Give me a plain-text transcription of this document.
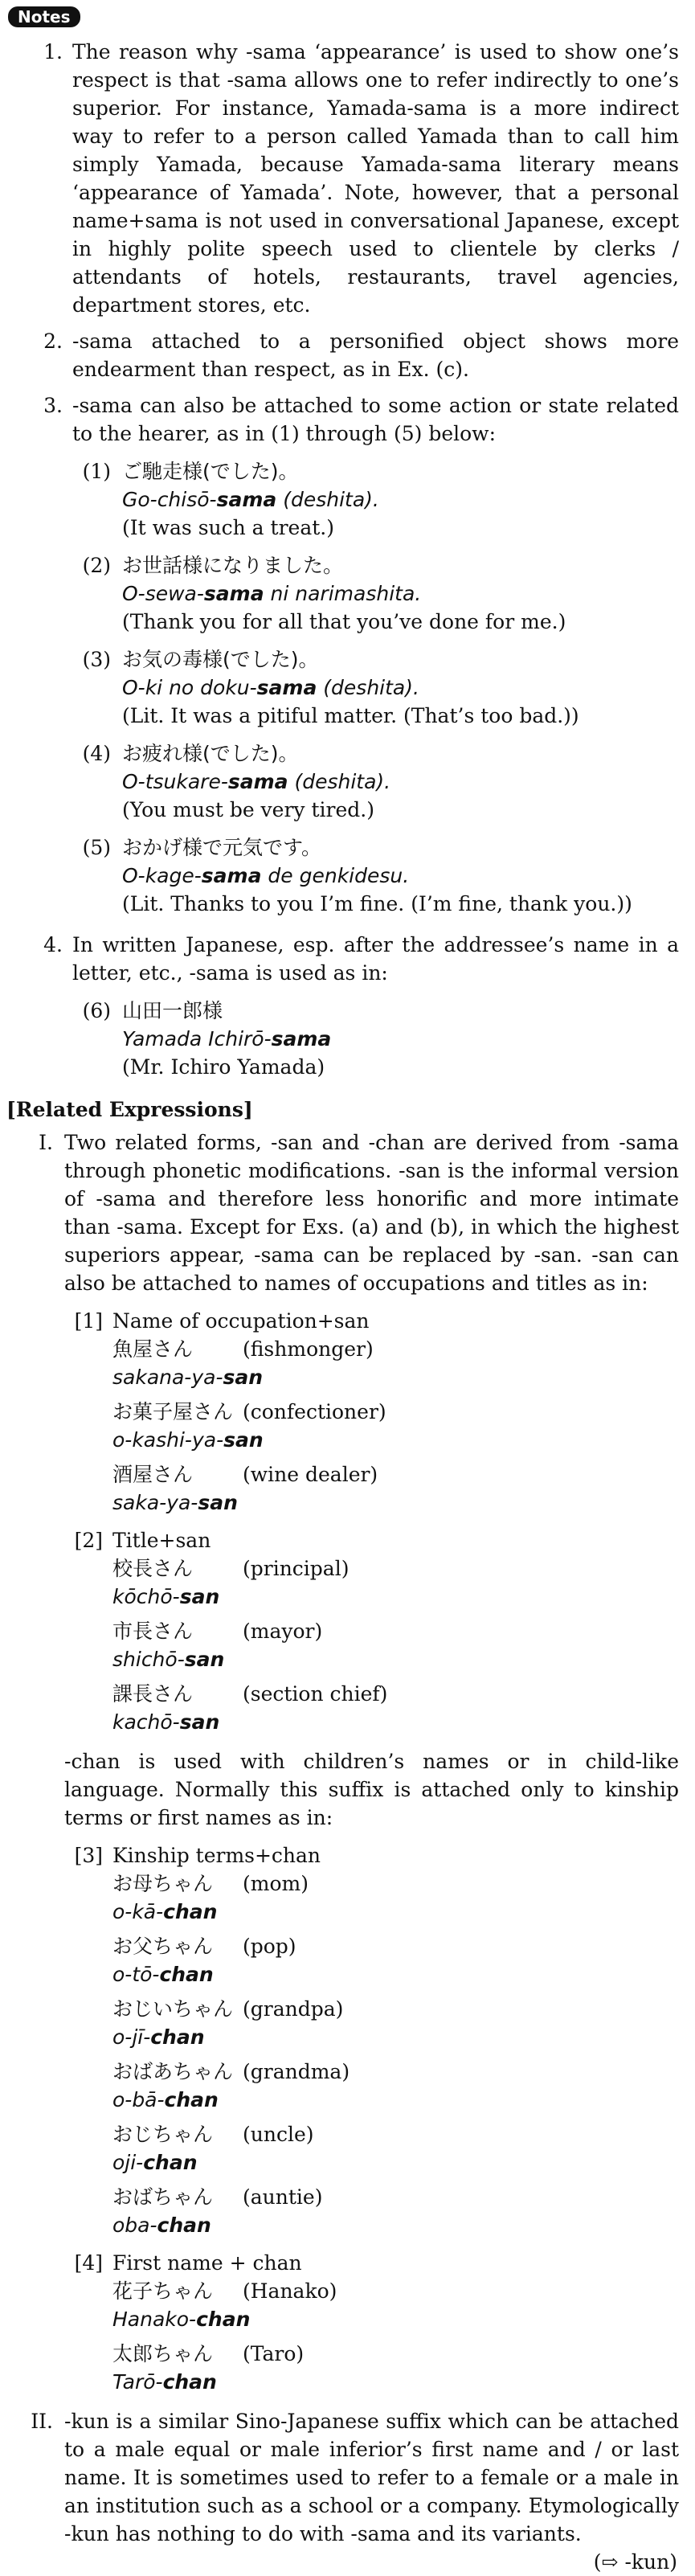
Notes
1. The reason why -sama ‘appearance’ is used to show one’s respect is that -sama allows one to refer indirectly to one’s superior. For instance, Yamada-sama is a more indirect way to refer to a person called Yamada than to call him simply Yamada, because Yamada-sama literary means ‘appearance of Yamada’. Note, however, that a personal name+sama is not used in conversational Japanese, except in highly polite speech used to clientele by clerks / attendants of hotels, restaurants, travel agencies, department stores, etc.
2. -sama attached to a personified object shows more endearment than respect, as in Ex. (c).
3. -sama can also be attached to some action or state related to the hearer, as in (1) through (5) below:
(1) ご馳走様(でした)。
Go-chisō-sama (deshita).
(It was such a treat.)
(2) お世話様になりました。
O-sewa-sama ni narimashita.
(Thank you for all that you’ve done for me.)
(3) お気の毒様(でした)。
O-ki no doku-sama (deshita).
(Lit. It was a pitiful matter. (That’s too bad.))
(4) お疲れ様(でした)。
O-tsukare-sama (deshita).
(You must be very tired.)
(5) おかげ様で元気です。
O-kage-sama de genkidesu.
(Lit. Thanks to you I’m fine. (I’m fine, thank you.))
4. In written Japanese, esp. after the addressee’s name in a letter, etc., -sama is used as in:
(6) 山田一郎様
Yamada Ichirō-sama
(Mr. Ichiro Yamada)
[Related Expressions]
I. Two related forms, -san and -chan are derived from -sama through phonetic modifications. -san is the informal version of -sama and therefore less honorific and more intimate than -sama. Except for Exs. (a) and (b), in which the highest superiors appear, -sama can be replaced by -san. -san can also be attached to names of occupations and titles as in:
[1] Name of occupation+san
魚屋さん	(fishmonger)
sakana-ya-san
お菓子屋さん (confectioner)
o-kashi-ya-san
酒屋さん	(wine dealer)
saka-ya-san
[2] Title+san
校長さん	(principal)
kōchō-san
市長さん	(mayor)
shichō-san
課長さん	(section chief)
kachō-san
-chan is used with children’s names or in child-like language. Normally this suffix is attached only to kinship terms or first names as in:
[3] Kinship terms+chan
お母ちゃん	(mom)
o-kā-chan
お父ちゃん	(pop)
o-tō-chan
おじいちゃん (grandpa)
o-jī-chan
おばあちゃん (grandma)
o-bā-chan
おじちゃん	(uncle)
oji-chan
おばちゃん	(auntie)
oba-chan
[4] First name + chan
花子ちゃん	(Hanako)
Hanako-chan
太郎ちゃん	(Taro)
Tarō-chan
II. -kun is a similar Sino-Japanese suffix which can be attached to a male equal or male inferior’s first name and / or last name. It is sometimes used to refer to a female or a male in an institution such as a school or a company. Etymologically -kun has nothing to do with -sama and its variants.
(⇨ -kun)
